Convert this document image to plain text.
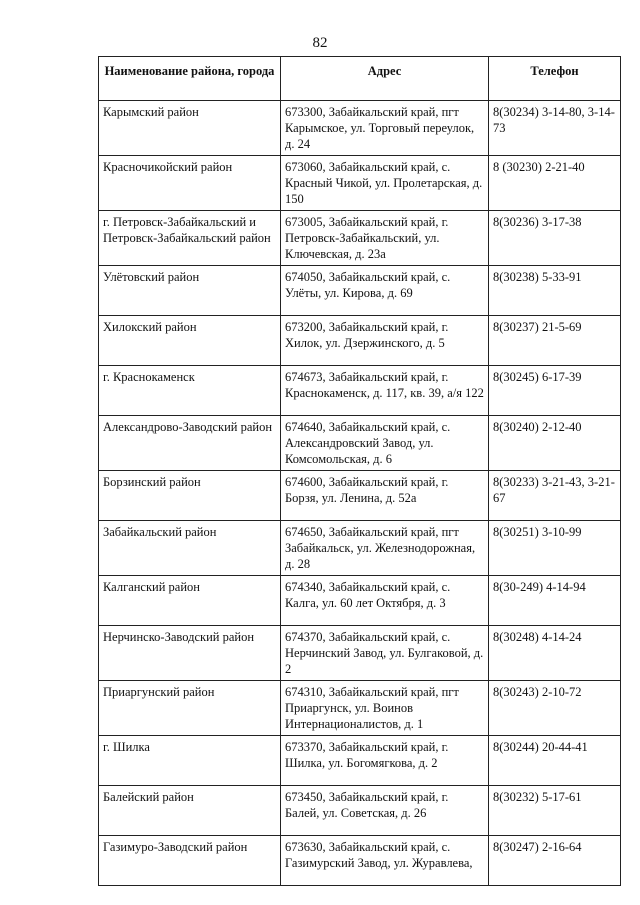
82
Наименование района, города	Адрес	Телефон
Карымский район	673300, Забайкальский край, пгт Карымское, ул. Торговый переулок, д. 24	8(30234) 3-14-80, 3-14-73
Красночикойский район	673060, Забайкальский край, с. Красный Чикой, ул. Пролетарская, д. 150	8 (30230) 2-21-40
г. Петровск-Забайкальский и Петровск-Забайкальский район	673005, Забайкальский край, г. Петровск-Забайкальский, ул. Ключевская, д. 23а	8(30236) 3-17-38
Улётовский район	674050, Забайкальский край, с. Улёты, ул. Кирова, д. 69	8(30238) 5-33-91
Хилокский район	673200, Забайкальский край, г. Хилок, ул. Дзержинского, д. 5	8(30237) 21-5-69
г. Краснокаменск	674673, Забайкальский край, г. Краснокаменск, д. 117, кв. 39, а/я 122	8(30245) 6-17-39
Александрово-Заводский район	674640, Забайкальский край, с. Александровский Завод, ул. Комсомольская, д. 6	8(30240) 2-12-40
Борзинский район	674600, Забайкальский край, г. Борзя, ул. Ленина, д. 52а	8(30233) 3-21-43, 3-21-67
Забайкальский район	674650, Забайкальский край, пгт Забайкальск, ул. Железнодорожная, д. 28	8(30251) 3-10-99
Калганский район	674340, Забайкальский край, с. Калга, ул. 60 лет Октября, д. 3	8(30-249) 4-14-94
Нерчинско-Заводский район	674370, Забайкальский край, с. Нерчинский Завод, ул. Булгаковой, д. 2	8(30248) 4-14-24
Приаргунский район	674310, Забайкальский край, пгт Приаргунск, ул. Воинов Интернационалистов, д. 1	8(30243) 2-10-72
г. Шилка	673370, Забайкальский край, г. Шилка, ул. Богомягкова, д. 2	8(30244) 20-44-41
Балейский район	673450, Забайкальский край, г. Балей, ул. Советская, д. 26	8(30232) 5-17-61
Газимуро-Заводский район	673630, Забайкальский край, с. Газимурский Завод, ул. Журавлева,	8(30247) 2-16-64
